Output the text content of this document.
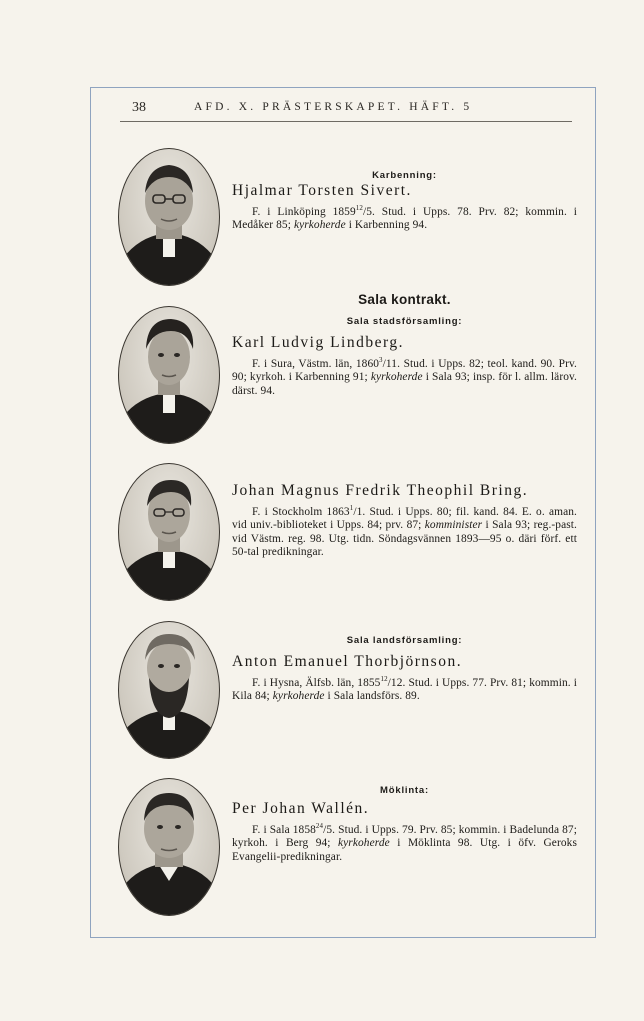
38	AFD. X. PRÄSTERSKAPET. HÄFT. 5
Karbenning:
Hjalmar Torsten Sivert.

F. i Linköping 1859$^{12}$/5. Stud. i Upps. 78. Prv. 82; kommin. i Medåker 85; kyrkoherde i Karbenning 94.

Sala kontrakt.
Sala stadsförsamling:
Karl Ludvig Lindberg.

F. i Sura, Västm. län, 1860$^3$/11. Stud. i Upps. 82; teol. kand. 90. Prv. 90; kyrkoh. i Karbenning 91; kyrkoherde i Sala 93; insp. för l. allm. lärov. därst. 94.

Johan Magnus Fredrik Theophil Bring.

F. i Stockholm 1863$^1$/1. Stud. i Upps. 80; fil. kand. 84. E. o. aman. vid univ.-biblioteket i Upps. 84; prv. 87; komminister i Sala 93; reg.-past. vid Västm. reg. 98. Utg. tidn. Söndagsvännen 1893—95 o. däri förf. ett 50-tal predikningar.

Sala landsförsamling:
Anton Emanuel Thorbjörnson.

F. i Hysna, Älfsb. län, 1855$^{12}$/12. Stud. i Upps. 77. Prv. 81; kommin. i Kila 84; kyrkoherde i Sala landsförs. 89.

Möklinta:
Per Johan Wallén.

F. i Sala 1858$^{24}$/5. Stud. i Upps. 79. Prv. 85; kommin. i Badelunda 87; kyrkoh. i Berg 94; kyrkoherde i Möklinta 98. Utg. i öfv. Geroks Evangelii-predikningar.
